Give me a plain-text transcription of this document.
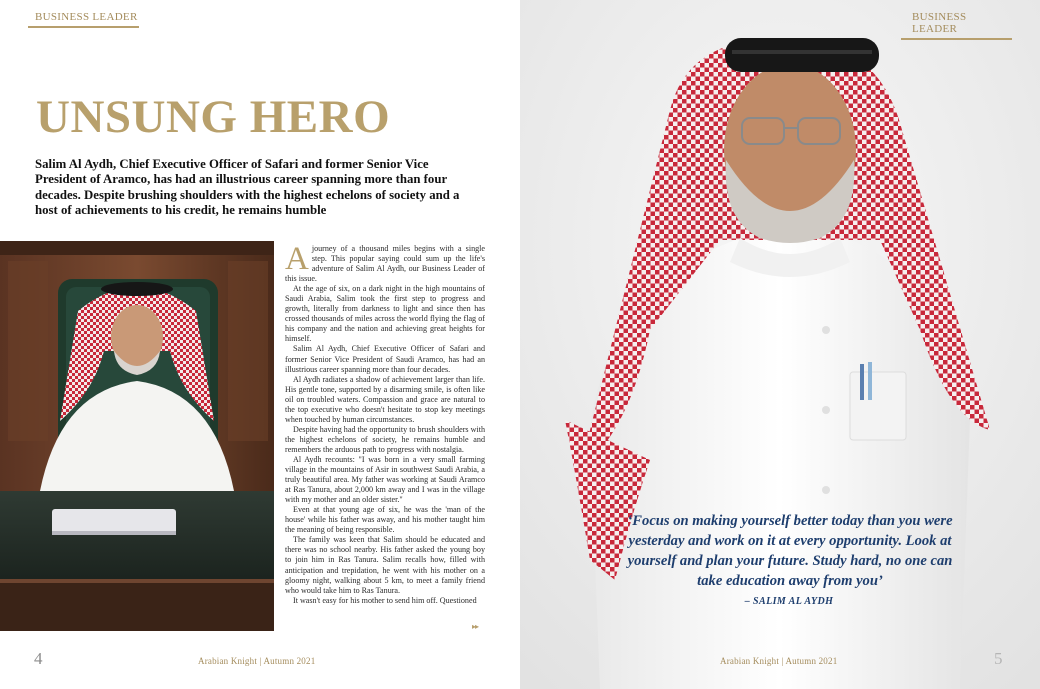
BUSINESS LEADER
UNSUNG HERO

Salim Al Aydh, Chief Executive Officer of Safari and former Senior Vice President of Aramco, has had an illustrious career spanning more than four decades. Despite brushing shoulders with the highest echelons of society and a host of achievements to his credit, he remains humble

A journey of a thousand miles begins with a single step. This popular saying could sum up the life's adventure of Salim Al Aydh, our Business Leader of this issue.

At the age of six, on a dark night in the high mountains of Saudi Arabia, Salim took the first step to progress and growth, literally from darkness to light and since then has crossed thousands of miles across the world flying the flag of his company and the nation and achieving great heights for himself.

Salim Al Aydh, Chief Executive Officer of Safari and former Senior Vice President of Saudi Aramco, has had an illustrious career spanning more than four decades.

Al Aydh radiates a shadow of achievement larger than life. His gentle tone, supported by a disarming smile, is often like oil on troubled waters. Compassion and grace are natural to the top executive who doesn't hesitate to stop key meetings when touched by human circumstances.

Despite having had the opportunity to brush shoulders with the highest echelons of society, he remains humble and remembers the arduous path to progress with nostalgia.

Al Aydh recounts: "I was born in a very small farming village in the mountains of Asir in southwest Saudi Arabia, a truly beautiful area. My father was working at Saudi Aramco at Ras Tanura, about 2,000 km away and I was in the village with my mother and an older sister."

Even at that young age of six, he was the 'man of the house' while his father was away, and his mother taught him the meaning of being responsible.

The family was keen that Salim should be educated and there was no school nearby. His father asked the young boy to join him in Ras Tanura. Salim recalls how, filled with anticipation and trepidation, he went with his mother on a gloomy night, walking about 5 km, to meet a family friend who would take him to Ras Tanura.

It wasn't easy for his mother to send him off. Questioned

▸▸
4	Arabian Knight | Autumn 2021
BUSINESS LEADER

‘Focus on making yourself better today than you were yesterday and work on it at every opportunity. Look at yourself and plan your future. Study hard, no one can take education away from you’

– SALIM AL AYDH

Arabian Knight | Autumn 2021	5
